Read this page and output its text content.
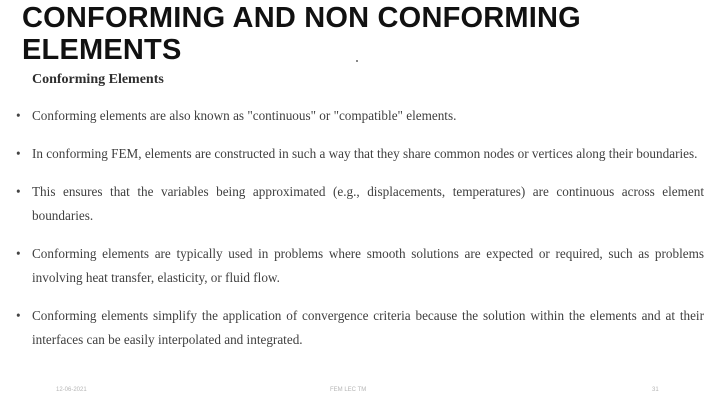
CONFORMING AND NON CONFORMING ELEMENTS
Conforming Elements
• Conforming elements are also known as "continuous" or "compatible" elements.
• In conforming FEM, elements are constructed in such a way that they share common nodes or vertices along their boundaries.
• This ensures that the variables being approximated (e.g., displacements, temperatures) are continuous across element boundaries.
• Conforming elements are typically used in problems where smooth solutions are expected or required, such as problems involving heat transfer, elasticity, or fluid flow.
• Conforming elements simplify the application of convergence criteria because the solution within the elements and at their interfaces can be easily interpolated and integrated.
12-06-2021	FEM LEC TM	31
